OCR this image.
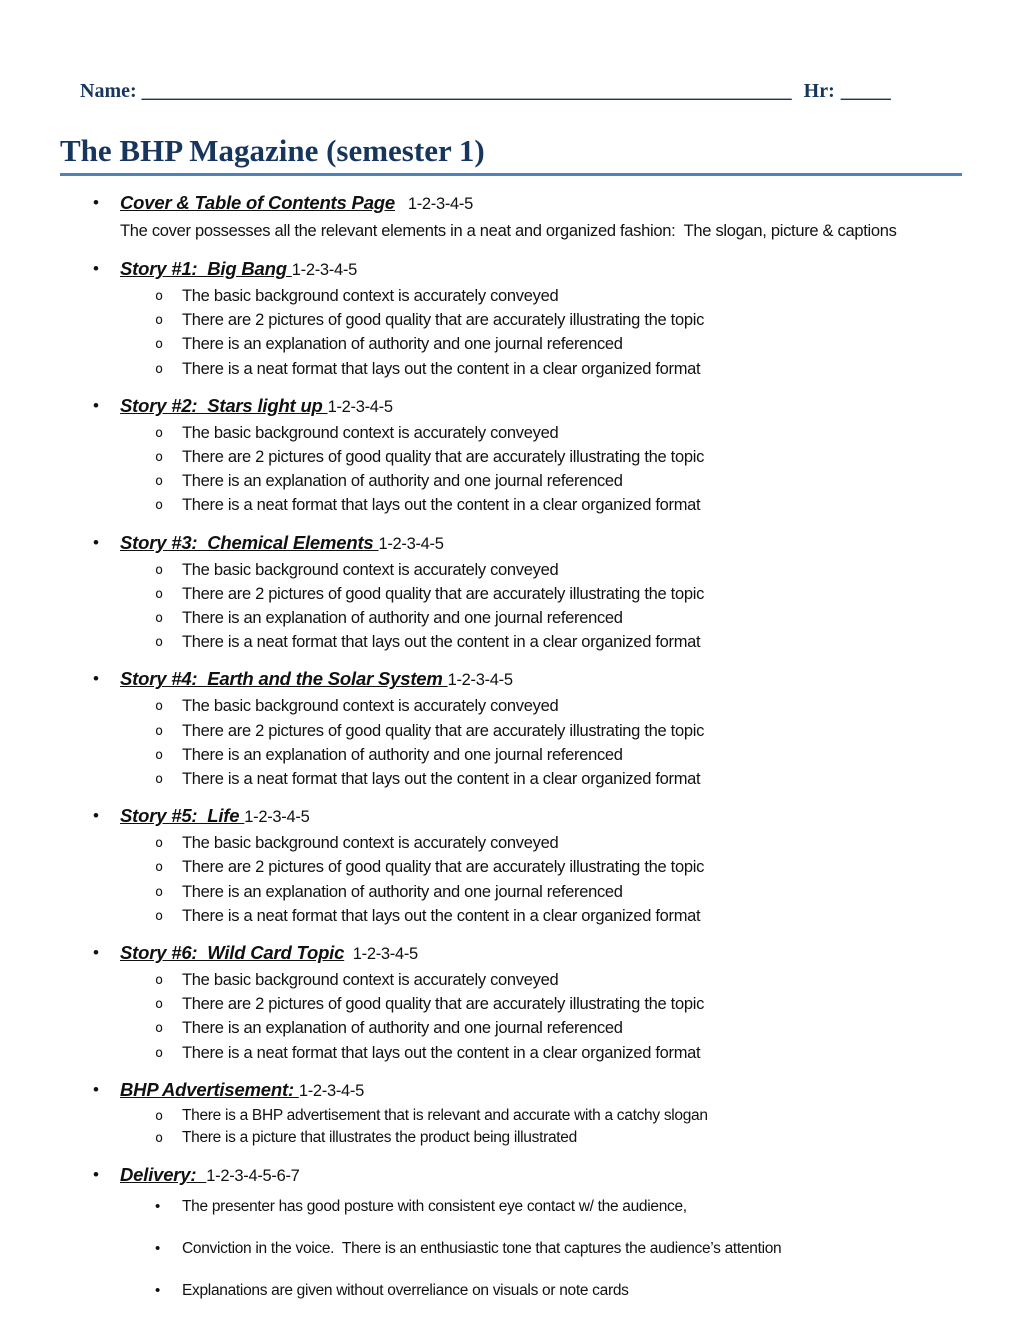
Name: _________________________________________________________________ Hr: _____

The BHP Magazine (semester 1)
•	Cover & Table of Contents Page   1-2-3-4-5
The cover possesses all the relevant elements in a neat and organized fashion:  The slogan, picture & captions
•	Story #1:  Big Bang 1-2-3-4-5
o	The basic background context is accurately conveyed
o	There are 2 pictures of good quality that are accurately illustrating the topic
o	There is an explanation of authority and one journal referenced
o	There is a neat format that lays out the content in a clear organized format
•	Story #2:  Stars light up 1-2-3-4-5
o	The basic background context is accurately conveyed
o	There are 2 pictures of good quality that are accurately illustrating the topic
o	There is an explanation of authority and one journal referenced
o	There is a neat format that lays out the content in a clear organized format
•	Story #3:  Chemical Elements 1-2-3-4-5
o	The basic background context is accurately conveyed
o	There are 2 pictures of good quality that are accurately illustrating the topic
o	There is an explanation of authority and one journal referenced
o	There is a neat format that lays out the content in a clear organized format
•	Story #4:  Earth and the Solar System 1-2-3-4-5
o	The basic background context is accurately conveyed
o	There are 2 pictures of good quality that are accurately illustrating the topic
o	There is an explanation of authority and one journal referenced
o	There is a neat format that lays out the content in a clear organized format
•	Story #5:  Life 1-2-3-4-5
o	The basic background context is accurately conveyed
o	There are 2 pictures of good quality that are accurately illustrating the topic
o	There is an explanation of authority and one journal referenced
o	There is a neat format that lays out the content in a clear organized format
•	Story #6:  Wild Card Topic  1-2-3-4-5
o	The basic background context is accurately conveyed
o	There are 2 pictures of good quality that are accurately illustrating the topic
o	There is an explanation of authority and one journal referenced
o	There is a neat format that lays out the content in a clear organized format
•	BHP Advertisement: 1-2-3-4-5
o	There is a BHP advertisement that is relevant and accurate with a catchy slogan
o	There is a picture that illustrates the product being illustrated
•	Delivery:  1-2-3-4-5-6-7
•	The presenter has good posture with consistent eye contact w/ the audience,
•	Conviction in the voice.  There is an enthusiastic tone that captures the audience’s attention
•	Explanations are given without overreliance on visuals or note cards
